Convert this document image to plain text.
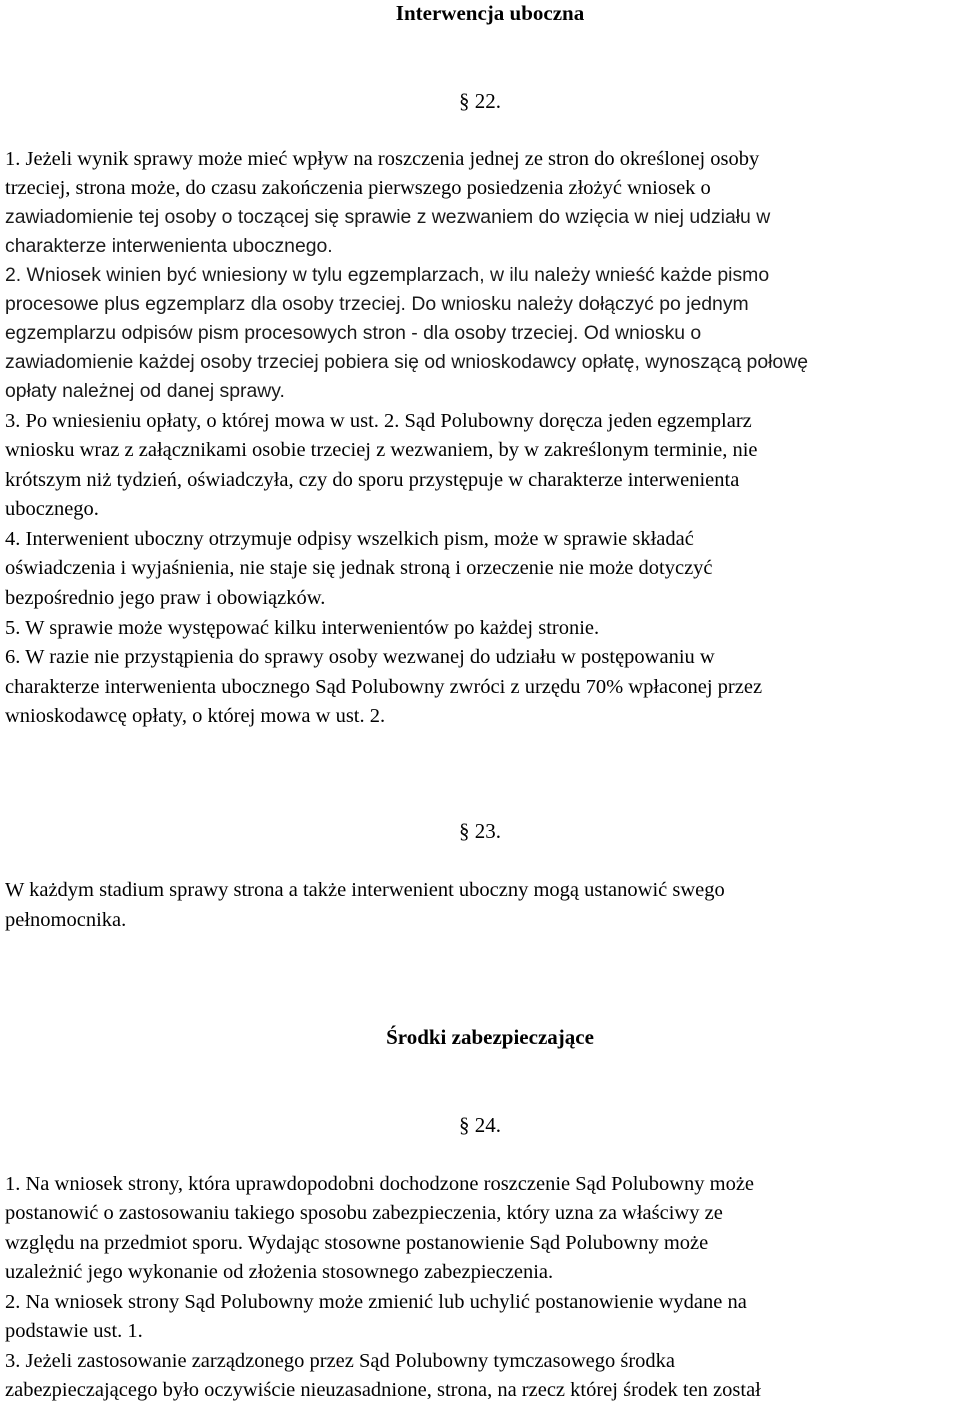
Interwencja uboczna
§ 22.

1. Jeżeli wynik sprawy może mieć wpływ na roszczenia jednej ze stron do określonej osoby

trzeciej, strona może, do czasu zakończenia pierwszego posiedzenia złożyć wniosek o

zawiadomienie tej osoby o toczącej się sprawie z wezwaniem do wzięcia w niej udziału w

charakterze interwenienta ubocznego.

2. Wniosek winien być wniesiony w tylu egzemplarzach, w ilu należy wnieść każde pismo

procesowe plus egzemplarz dla osoby trzeciej. Do wniosku należy dołączyć po jednym

egzemplarzu odpisów pism procesowych stron - dla osoby trzeciej. Od wniosku o

zawiadomienie każdej osoby trzeciej pobiera się od wnioskodawcy opłatę, wynoszącą połowę

opłaty należnej od danej sprawy.

3. Po wniesieniu opłaty, o której mowa w ust. 2. Sąd Polubowny doręcza jeden egzemplarz

wniosku wraz z załącznikami osobie trzeciej z wezwaniem, by w zakreślonym terminie, nie

krótszym niż tydzień, oświadczyła, czy do sporu przystępuje w charakterze interwenienta

ubocznego.

4. Interwenient uboczny otrzymuje odpisy wszelkich pism, może w sprawie składać

oświadczenia i wyjaśnienia, nie staje się jednak stroną i orzeczenie nie może dotyczyć

bezpośrednio jego praw i obowiązków.

5. W sprawie może występować kilku interwenientów po każdej stronie.

6. W razie nie przystąpienia do sprawy osoby wezwanej do udziału w postępowaniu w

charakterze interwenienta ubocznego Sąd Polubowny zwróci z urzędu 70% wpłaconej przez

wnioskodawcę opłaty, o której mowa w ust. 2.

§ 23.

W każdym stadium sprawy strona a także interwenient uboczny mogą ustanowić swego

pełnomocnika.

Środki zabezpieczające
§ 24.

1. Na wniosek strony, która uprawdopodobni dochodzone roszczenie Sąd Polubowny może

postanowić o zastosowaniu takiego sposobu zabezpieczenia, który uzna za właściwy ze

względu na przedmiot sporu. Wydając stosowne postanowienie Sąd Polubowny może

uzależnić jego wykonanie od złożenia stosownego zabezpieczenia.

2. Na wniosek strony Sąd Polubowny może zmienić lub uchylić postanowienie wydane na

podstawie ust. 1.

3. Jeżeli zastosowanie zarządzonego przez Sąd Polubowny tymczasowego środka

zabezpieczającego było oczywiście nieuzasadnione, strona, na rzecz której środek ten został
